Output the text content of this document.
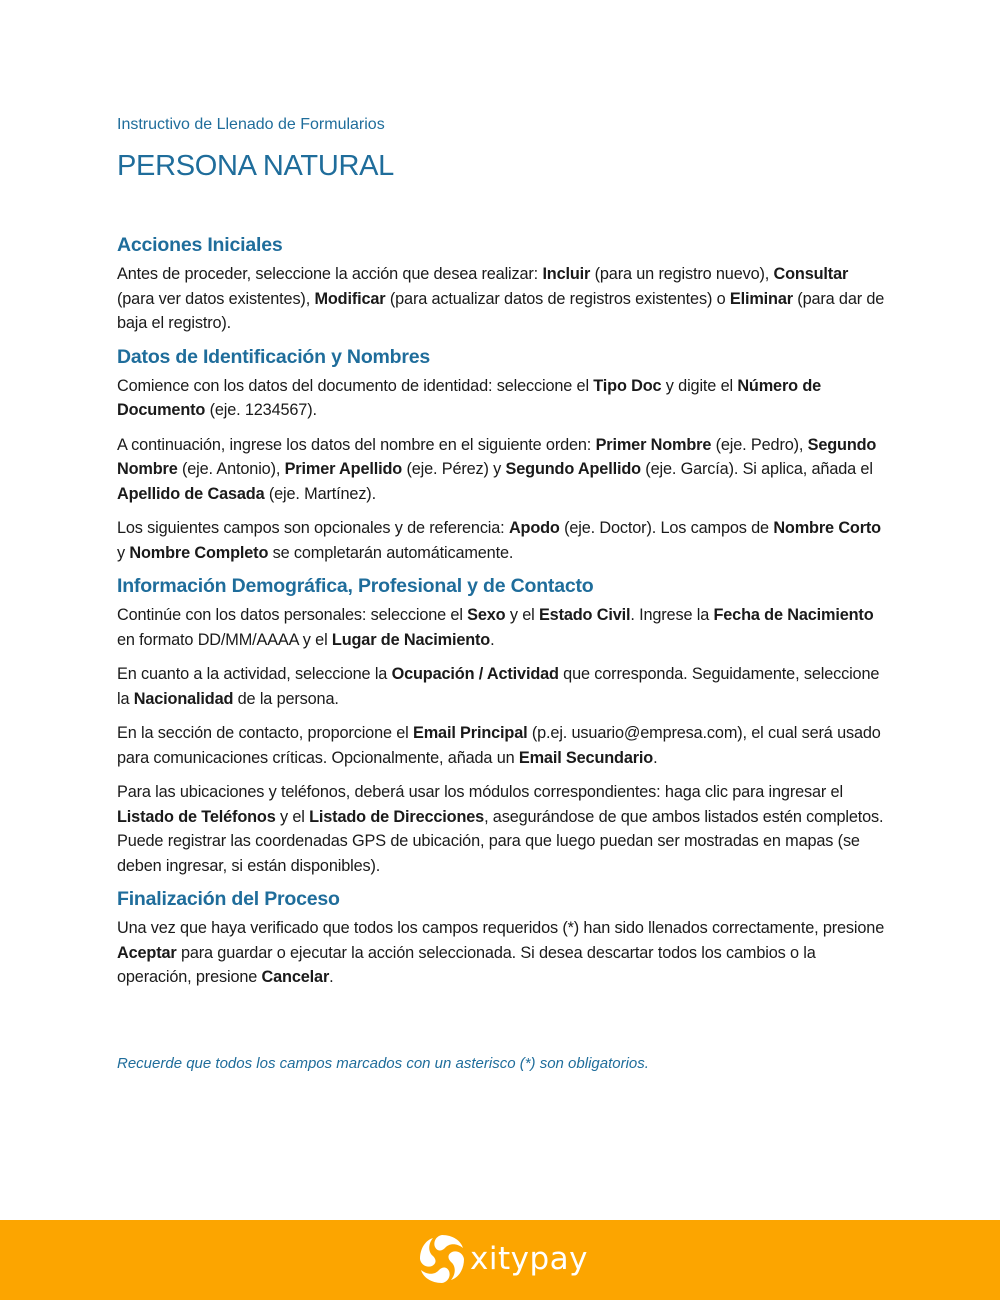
Instructivo de Llenado de Formularios
PERSONA NATURAL
Acciones Iniciales

Antes de proceder, seleccione la acción que desea realizar: Incluir (para un registro nuevo), Consultar (para ver datos existentes), Modificar (para actualizar datos de registros existentes) o Eliminar (para dar de baja el registro).

Datos de Identificación y Nombres

Comience con los datos del documento de identidad: seleccione el Tipo Doc y digite el Número de Documento (eje. 1234567).

A continuación, ingrese los datos del nombre en el siguiente orden: Primer Nombre (eje. Pedro), Segundo Nombre (eje. Antonio), Primer Apellido (eje. Pérez) y Segundo Apellido (eje. García). Si aplica, añada el Apellido de Casada (eje. Martínez).

Los siguientes campos son opcionales y de referencia: Apodo (eje. Doctor). Los campos de Nombre Corto y Nombre Completo se completarán automáticamente.

Información Demográfica, Profesional y de Contacto

Continúe con los datos personales: seleccione el Sexo y el Estado Civil. Ingrese la Fecha de Nacimiento en formato DD/MM/AAAA y el Lugar de Nacimiento.

En cuanto a la actividad, seleccione la Ocupación / Actividad que corresponda. Seguidamente, seleccione la Nacionalidad de la persona.

En la sección de contacto, proporcione el Email Principal (p.ej. usuario@empresa.com), el cual será usado para comunicaciones críticas. Opcionalmente, añada un Email Secundario.

Para las ubicaciones y teléfonos, deberá usar los módulos correspondientes: haga clic para ingresar el Listado de Teléfonos y el Listado de Direcciones, asegurándose de que ambos listados estén completos. Puede registrar las coordenadas GPS de ubicación, para que luego puedan ser mostradas en mapas (se deben ingresar, si están disponibles).

Finalización del Proceso

Una vez que haya verificado que todos los campos requeridos (*) han sido llenados correctamente, presione Aceptar para guardar o ejecutar la acción seleccionada. Si desea descartar todos los cambios o la operación, presione Cancelar.

Recuerde que todos los campos marcados con un asterisco (*) son obligatorios.
xitypay
